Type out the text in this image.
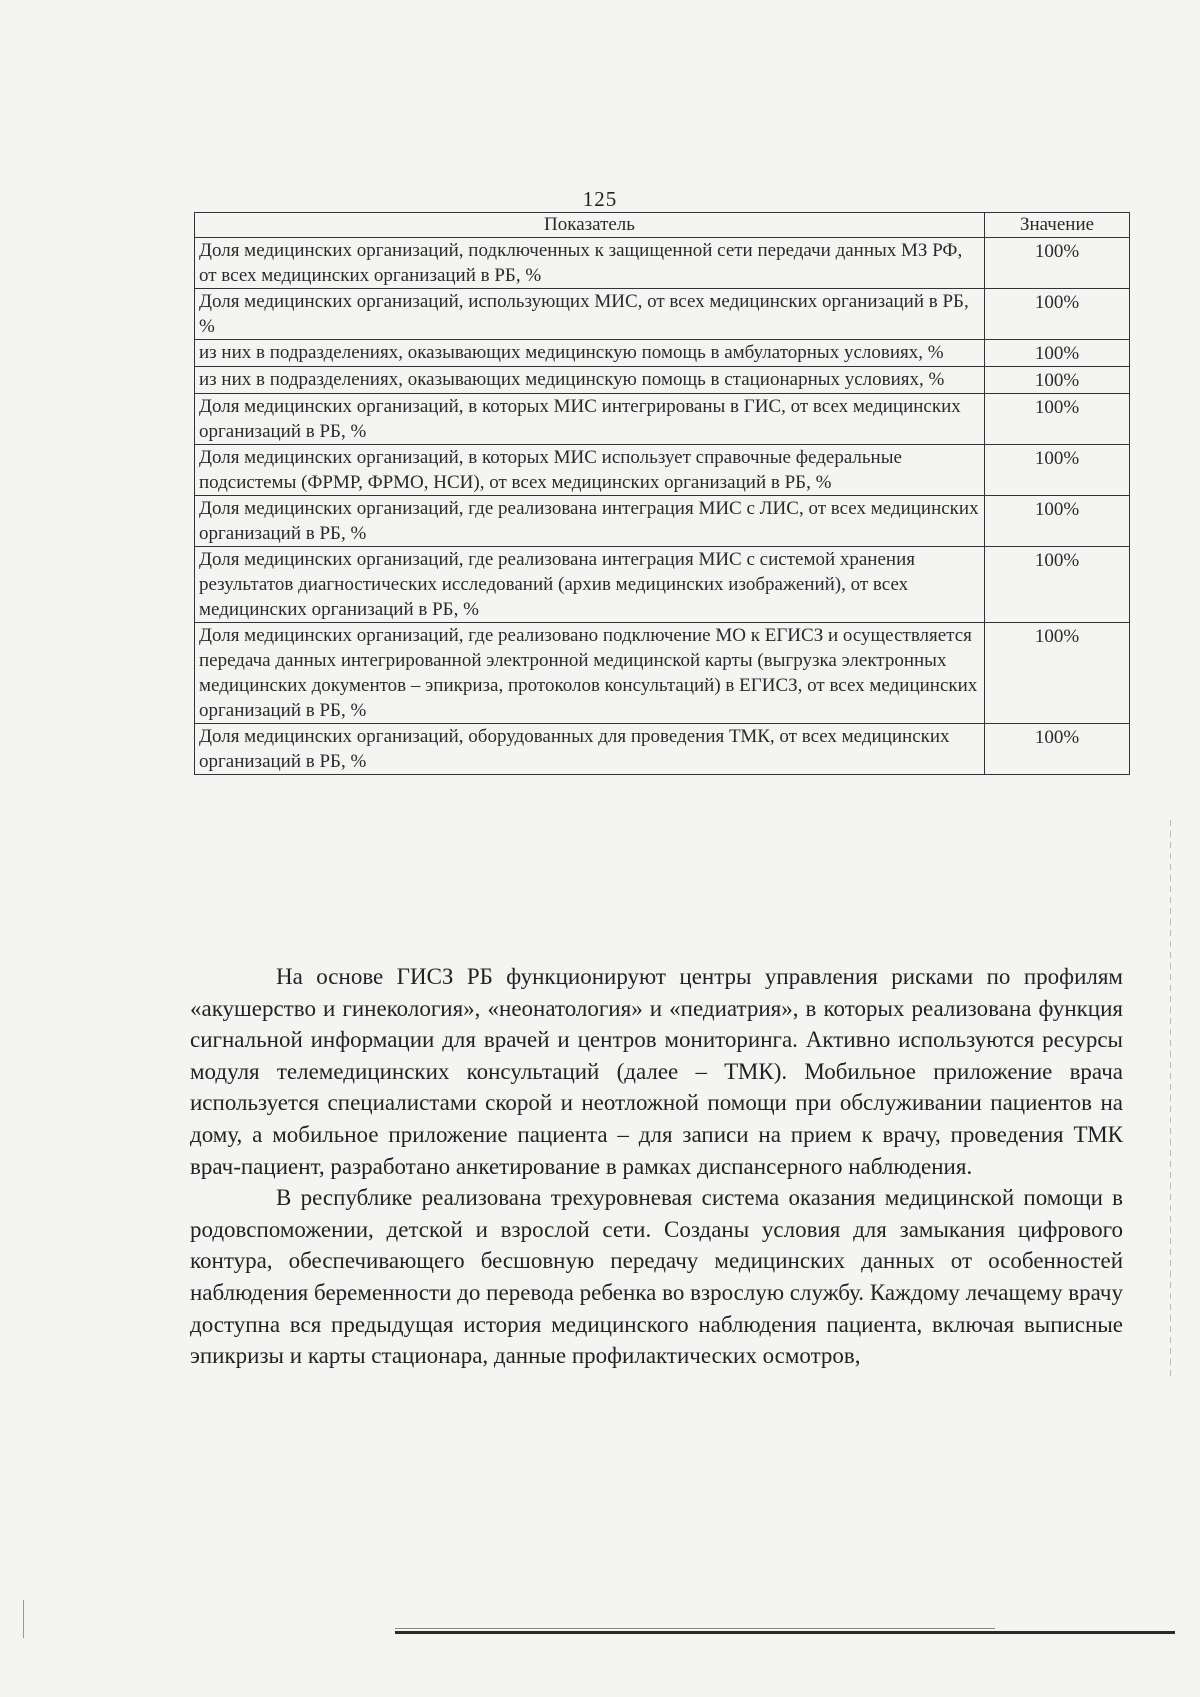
125
Показатель	Значение
Доля медицинских организаций, подключенных к защищенной сети передачи данных МЗ РФ, от всех медицинских организаций в РБ, %	100%
Доля медицинских организаций, использующих МИС, от всех медицинских организаций в РБ, %	100%
из них в подразделениях, оказывающих медицинскую помощь в амбулаторных условиях, %	100%
из них в подразделениях, оказывающих медицинскую помощь в стационарных условиях, %	100%
Доля медицинских организаций, в которых МИС интегрированы в ГИС, от всех медицинских организаций в РБ, %	100%
Доля медицинских организаций, в которых МИС использует справочные федеральные подсистемы (ФРМР, ФРМО, НСИ), от всех медицинских организаций в РБ, %	100%
Доля медицинских организаций, где реализована интеграция МИС с ЛИС, от всех медицинских организаций в РБ, %	100%
Доля медицинских организаций, где реализована интеграция МИС с системой хранения результатов диагностических исследований (архив медицинских изображений), от всех медицинских организаций в РБ, %	100%
Доля медицинских организаций, где реализовано подключение МО к ЕГИСЗ и осуществляется передача данных интегрированной электронной медицинской карты (выгрузка электронных медицинских документов – эпикриза, протоколов консультаций) в ЕГИСЗ, от всех медицинских организаций в РБ, %	100%
Доля медицинских организаций, оборудованных для проведения ТМК, от всех медицинских организаций в РБ, %	100%

На основе ГИСЗ РБ функционируют центры управления рисками по профилям «акушерство и гинекология», «неонатология» и «педиатрия», в которых реализована функция сигнальной информации для врачей и центров мониторинга. Активно используются ресурсы модуля телемедицинских консультаций (далее – ТМК). Мобильное приложение врача используется специалистами скорой и неотложной помощи при обслуживании пациентов на дому, а мобильное приложение пациента – для записи на прием к врачу, проведения ТМК врач-пациент, разработано анкетирование в рамках диспансерного наблюдения.

В республике реализована трехуровневая система оказания медицинской помощи в родовспоможении, детской и взрослой сети. Созданы условия для замыкания цифрового контура, обеспечивающего бесшовную передачу медицинских данных от особенностей наблюдения беременности до перевода ребенка во взрослую службу. Каждому лечащему врачу доступна вся предыдущая история медицинского наблюдения пациента, включая выписные эпикризы и карты стационара, данные профилактических осмотров,
